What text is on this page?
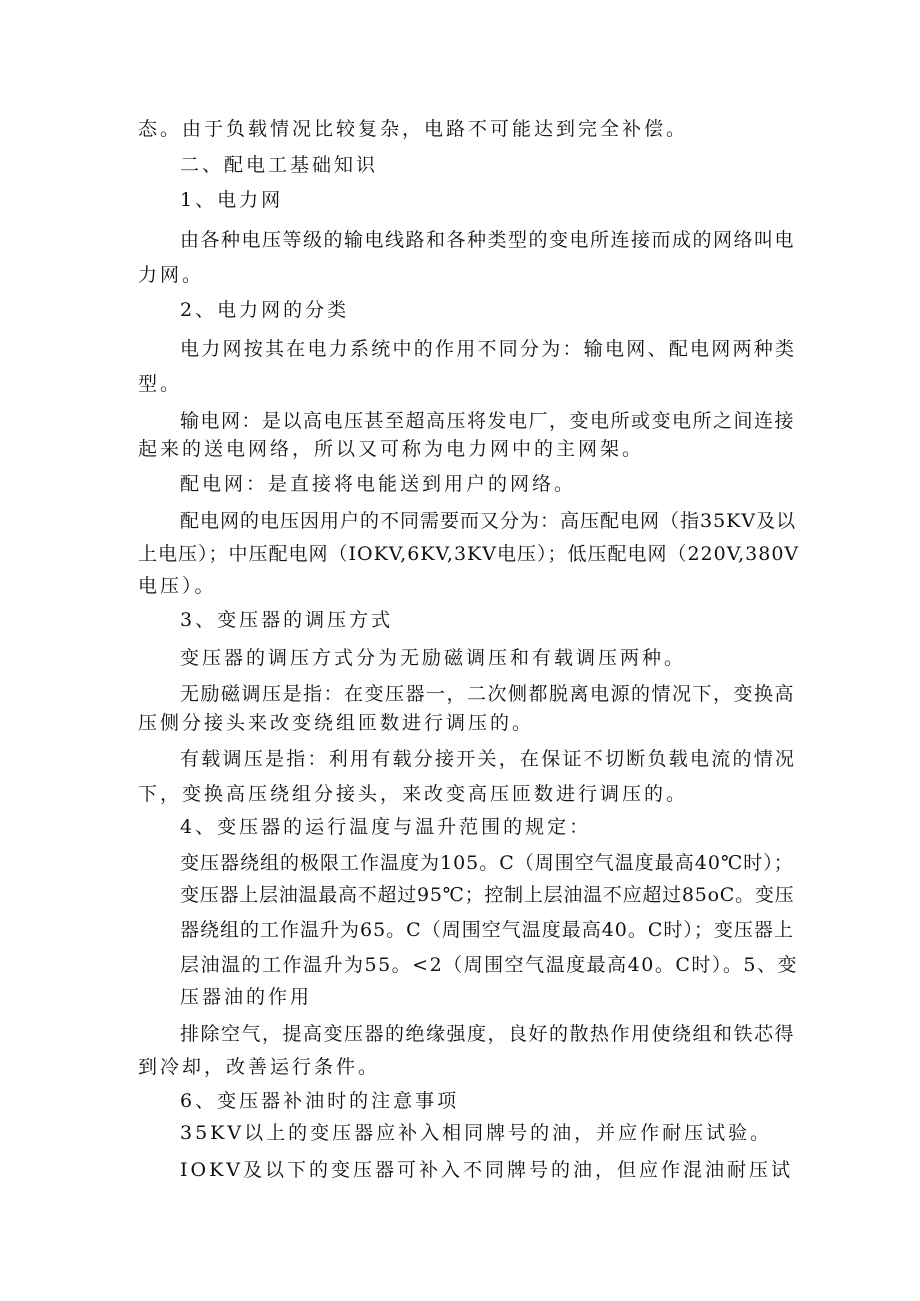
态。由于负载情况比较复杂，电路不可能达到完全补偿。
二、配电工基础知识
1、电力网
由各种电压等级的输电线路和各种类型的变电所连接而成的网络叫电
力网。
2、电力网的分类
电力网按其在电力系统中的作用不同分为：输电网、配电网两种类
型。
输电网：是以高电压甚至超高压将发电厂，变电所或变电所之间连接
起来的送电网络，所以又可称为电力网中的主网架。
配电网：是直接将电能送到用户的网络。
配电网的电压因用户的不同需要而又分为：高压配电网（指35KV及以
上电压）；中压配电网（IOKV,6KV,3KV电压）；低压配电网（220V,380V
电压）。
3、变压器的调压方式
变压器的调压方式分为无励磁调压和有载调压两种。
无励磁调压是指：在变压器一，二次侧都脱离电源的情况下，变换高
压侧分接头来改变绕组匝数进行调压的。
有载调压是指：利用有载分接开关，在保证不切断负载电流的情况
下，变换高压绕组分接头，来改变高压匝数进行调压的。
4、变压器的运行温度与温升范围的规定：
变压器绕组的极限工作温度为105。C（周围空气温度最高40℃时）；
变压器上层油温最高不超过95℃；控制上层油温不应超过85oC。变压
器绕组的工作温升为65。C（周围空气温度最高40。C时）；变压器上
层油温的工作温升为55。<2（周围空气温度最高40。C时）。5、变
压器油的作用
排除空气，提高变压器的绝缘强度，良好的散热作用使绕组和铁芯得
到冷却，改善运行条件。
6、变压器补油时的注意事项
35KV以上的变压器应补入相同牌号的油，并应作耐压试验。
IOKV及以下的变压器可补入不同牌号的油，但应作混油耐压试
